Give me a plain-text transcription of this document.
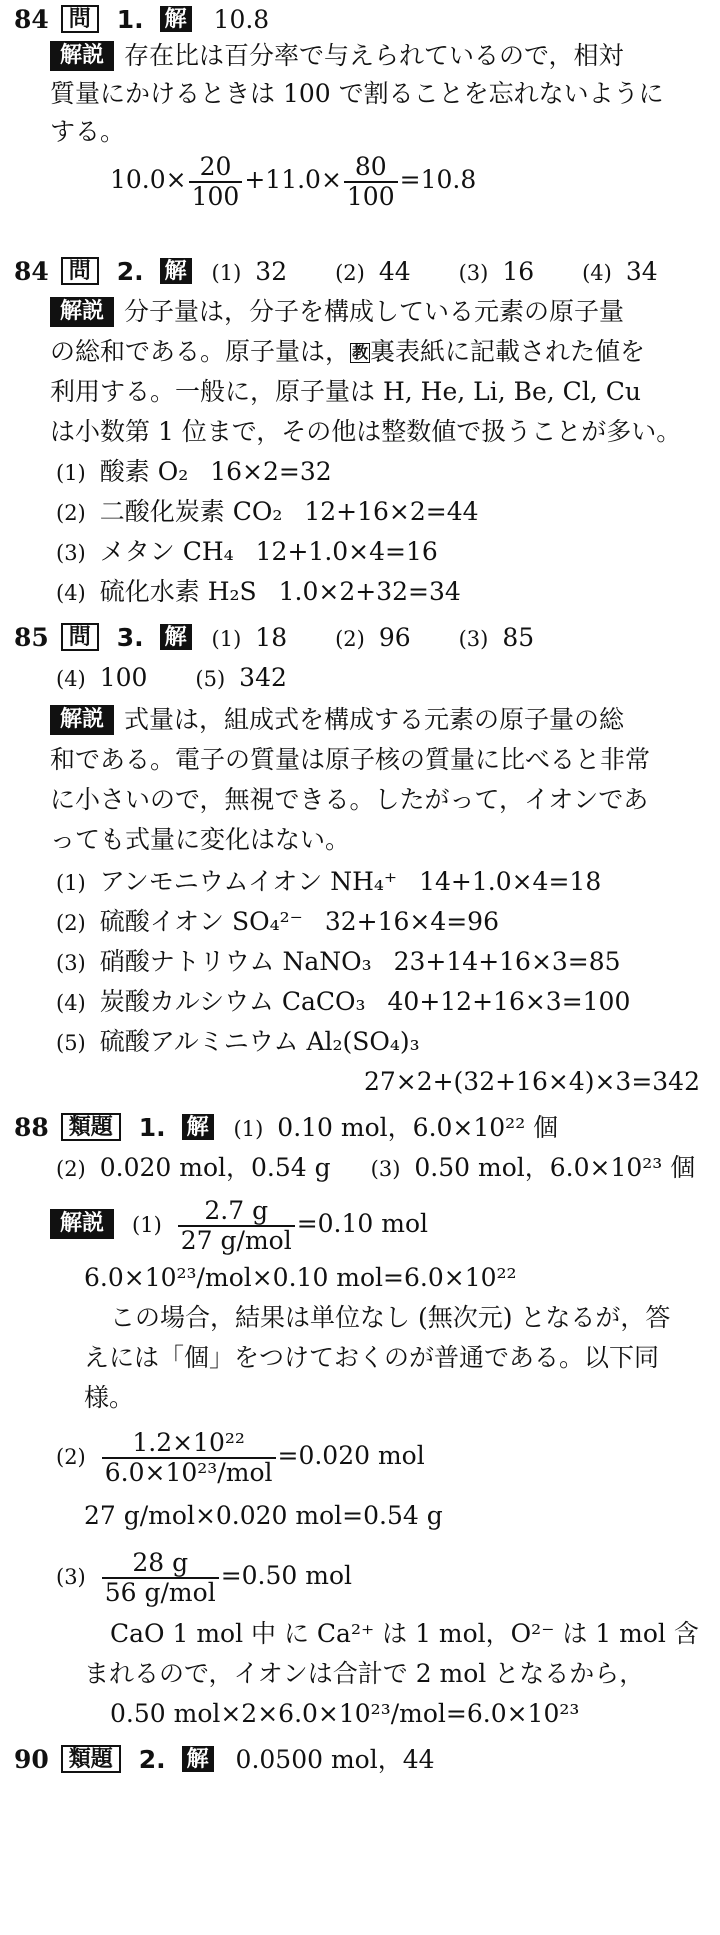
84 問 1. 解 10.8
解説 存在比は百分率で与えられているので，相対
質量にかけるときは 100 で割ることを忘れないように
する。
$10.0\times \frac{20}{100} +11.0\times \frac{80}{100} =10.8$
84 問 2. 解 (1) 32 (2) 44 (3) 16 (4) 34
解説 分子量は，分子を構成している元素の原子量
の総和である。原子量は， 教裏表紙に記載された値を
利用する。一般に，原子量は H, He, Li, Be, Cl, Cu
は小数第 1 位まで，その他は整数値で扱うことが多い。
(1) 酸素 O₂ 16×2=32
(2) 二酸化炭素 CO₂ 12+16×2=44
(3) メタン CH₄ 12+1.0×4=16
(4) 硫化水素 H₂S 1.0×2+32=34
85 問 3. 解 (1) 18 (2) 96 (3) 85
(4) 100 (5) 342
解説 式量は，組成式を構成する元素の原子量の総
和である。電子の質量は原子核の質量に比べると非常
に小さいので，無視できる。したがって，イオンであ
っても式量に変化はない。
(1) アンモニウムイオン NH₄⁺ 14+1.0×4=18
(2) 硫酸イオン SO₄²⁻ 32+16×4=96
(3) 硝酸ナトリウム NaNO₃ 23+14+16×3=85
(4) 炭酸カルシウム CaCO₃ 40+12+16×3=100
(5) 硫酸アルミニウム Al₂(SO₄)₃
27×2+(32+16×4)×3=342
88 類題 1. 解 (1) 0.10 mol，6.0×10²² 個
(2) 0.020 mol，0.54 g (3) 0.50 mol，6.0×10²³ 個
解説 $(1) \frac{2.7 g}{\text{27 g/mol}} =0.10$ mol
6.0×10²³/mol×0.10 mol=6.0×10²²
この場合，結果は単位なし (無次元) となるが，答
えには「個」をつけておくのが普通である。以下同
様。
$(2) \frac{\text{1.2×10²²}}{\text{6.0×10²³/mol}} =0.020$ mol
27 g/mol×0.020 mol=0.54 g
$(3) \frac{28 g}{\text{56 g/mol}} =0.50$ mol
CaO 1 mol 中 に Ca²⁺ は 1 mol，O²⁻ は 1 mol 含
まれるので，イオンは合計で 2 mol となるから，
0.50 mol×2×6.0×10²³/mol=6.0×10²³
90 類題 2. 解 0.0500 mol，44
